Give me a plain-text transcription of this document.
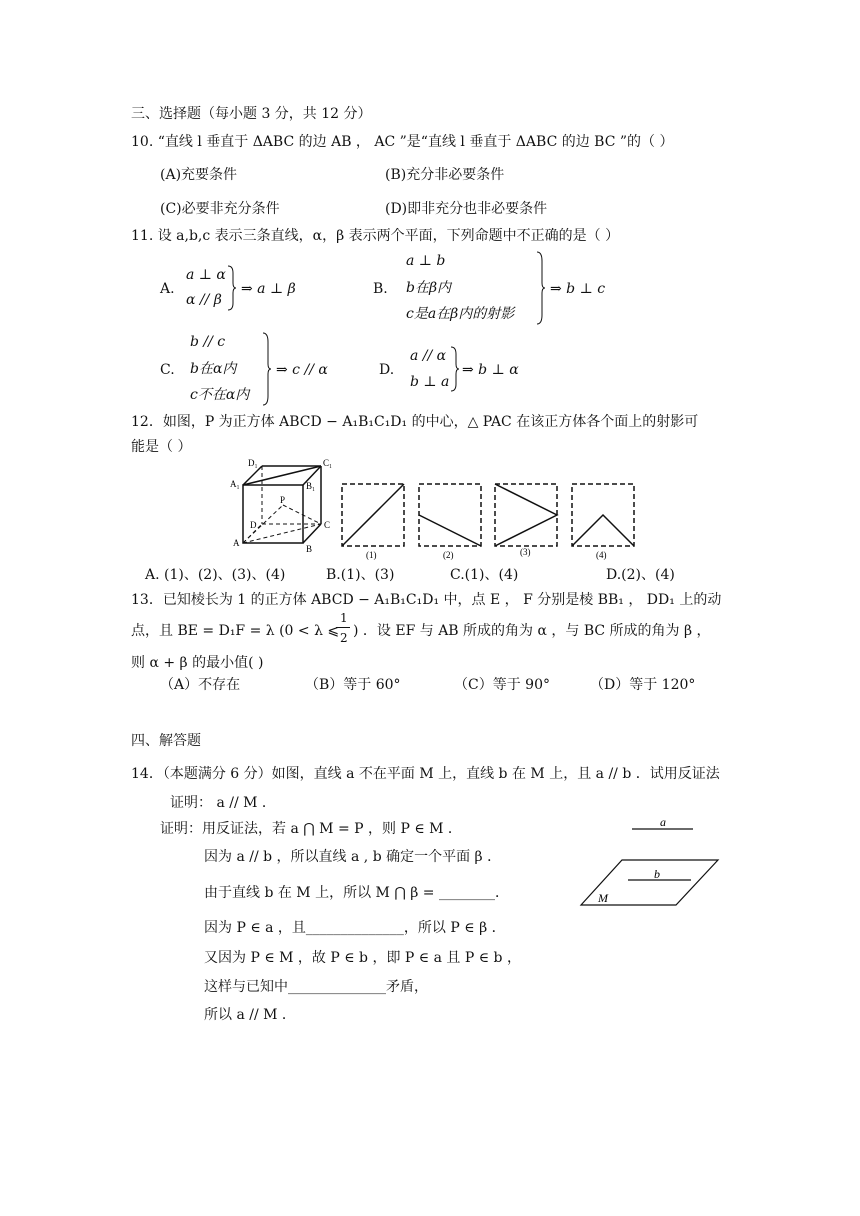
三、选择题（每小题 3 分，共 12 分）
10. “直线 l 垂直于 ΔABC 的边 AB ， AC ”是“直线 l 垂直于 ΔABC 的边 BC ”的（ ）
(A)充要条件	(B)充分非必要条件
(C)必要非充分条件	(D)即非充分也非必要条件
11. 设 a,b,c 表示三条直线，α，β 表示两个平面，下列命题中不正确的是（ ）
A.
a ⊥ α
α // β
⇒ a ⊥ β	B.
a ⊥ b
b在β内
c是a在β内的射影
⇒ b ⊥ c
C.
b // c
b在α内
c不在α内
⇒ c // α	D.
a // α
b ⊥ a
⇒ b ⊥ α
12．如图，P 为正方体 ABCD − A₁B₁C₁D₁ 的中心，△ PAC 在该正方体各个面上的射影可
能是（ ）
D₁	C₁
A₁	B₁
P
D	C
A
B
(1)	(2)	(3)	(4)
A. (1)、(2)、(3)、(4)	B.(1)、(3)	C.(1)、(4)	D.(2)、(4)
13．已知棱长为 1 的正方体 ABCD − A₁B₁C₁D₁ 中，点 E ， F 分别是棱 BB₁ ， DD₁ 上的动
点，且 BE = D₁F = λ (0 < λ ⩽
1
2 ) ．设 EF 与 AB 所成的角为 α ，与 BC 所成的角为 β ，
则 α + β 的最小值( )
（A）不存在	（B）等于 60°	（C）等于 90°	（D）等于 120°
四、解答题
14．（本题满分 6 分）如图，直线 a 不在平面 M 上，直线 b 在 M 上，且 a // b ．试用反证法
证明： a // M ．
证明：用反证法，若 a ⋂ M = P ，则 P ∈ M ．
因为 a // b ，所以直线 a , b 确定一个平面 β ．
由于直线 b 在 M 上，所以 M ⋂ β = ________．
因为 P ∈ a ，且______________，所以 P ∈ β ．
又因为 P ∈ M ，故 P ∈ b ，即 P ∈ a 且 P ∈ b ，
这样与已知中______________矛盾，
所以 a // M ．
a
b
M
